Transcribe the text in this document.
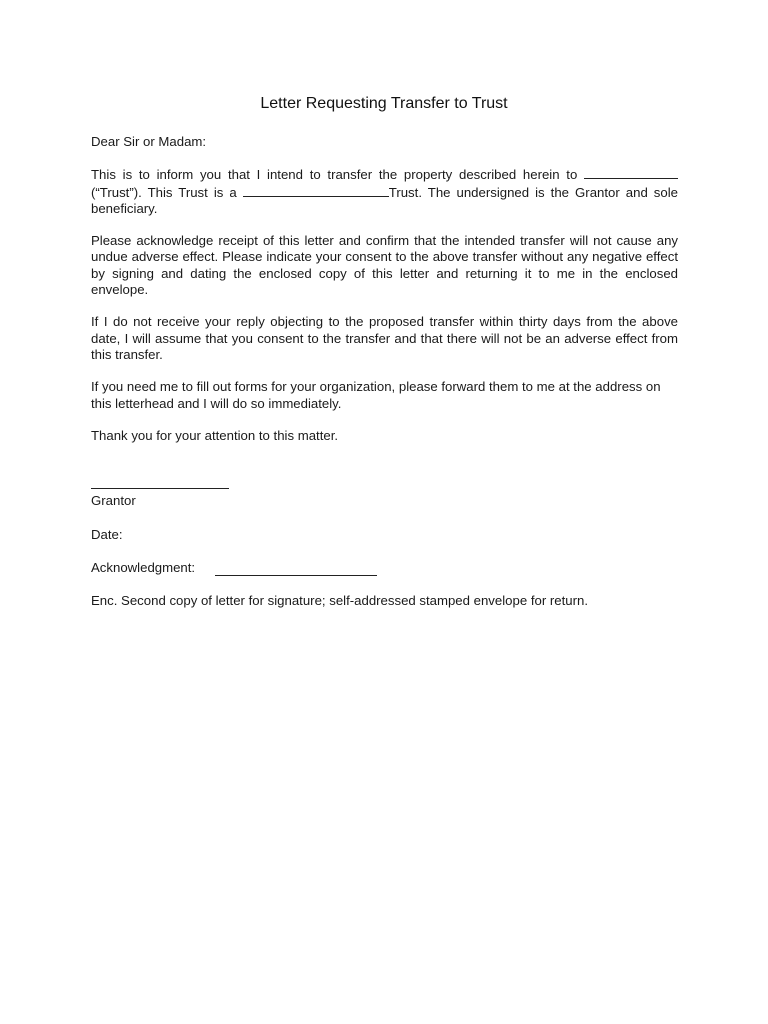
Letter Requesting Transfer to Trust

Dear Sir or Madam:

This is to inform you that I intend to transfer the property described herein to  (“Trust”). This Trust is a	Trust. The undersigned is the Grantor and sole beneficiary.

Please acknowledge receipt of this letter and confirm that the intended transfer will not cause any undue adverse effect. Please indicate your consent to the above transfer without any negative effect by signing and dating the enclosed copy of this letter and returning it to me in the enclosed envelope.

If I do not receive your reply objecting to the proposed transfer within thirty days from the above date, I will assume that you consent to the transfer and that there will not be an adverse effect from this transfer.

If you need me to fill out forms for your organization, please forward them to me at the address on this letterhead and I will do so immediately.

Thank you for your attention to this matter.

Grantor

Date:

Acknowledgment:

Enc. Second copy of letter for signature; self-addressed stamped envelope for return.
